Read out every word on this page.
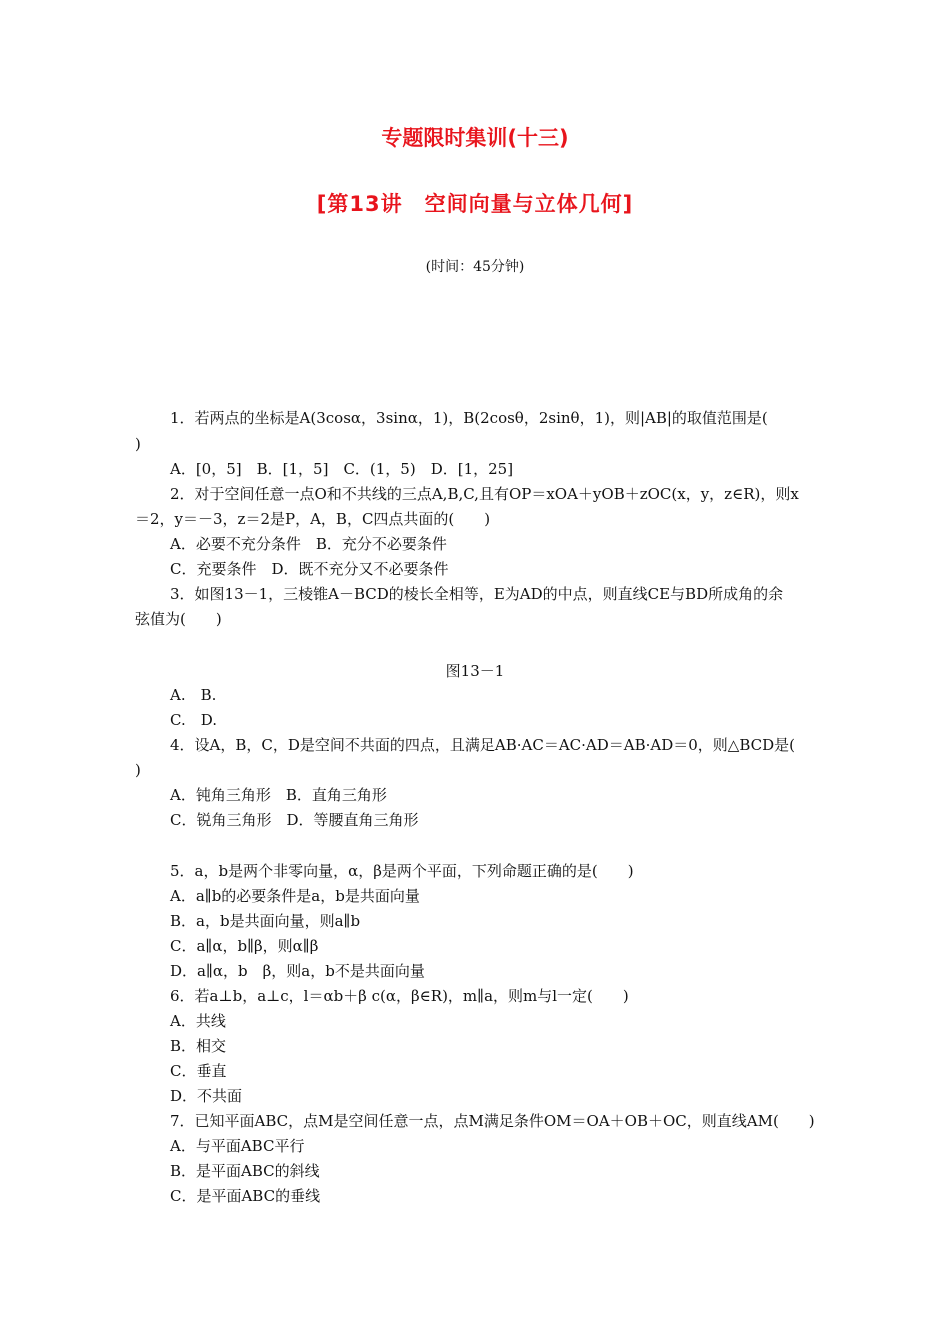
专题限时集训(十三)
[第13讲　空间向量与立体几何]
(时间：45分钟)
1．若两点的坐标是A(3cosα，3sinα，1)，B(2cosθ，2sinθ，1)，则|AB|的取值范围是(
)
A．[0，5]　B．[1，5]　C．(1，5)　D．[1，25]
2．对于空间任意一点O和不共线的三点A,B,C,且有OP＝xOA＋yOB＋zOC(x，y，z∈R)，则x
＝2，y＝－3，z＝2是P，A，B，C四点共面的(　　)
A．必要不充分条件　B．充分不必要条件
C．充要条件　D．既不充分又不必要条件
3．如图13－1，三棱锥A－BCD的棱长全相等，E为AD的中点，则直线CE与BD所成角的余
弦值为(　　)
图13－1
A.　B.
C.　D.
4．设A，B，C，D是空间不共面的四点，且满足AB·AC＝AC·AD＝AB·AD＝0，则△BCD是(
)
A．钝角三角形　B．直角三角形
C．锐角三角形　D．等腰直角三角形
5．a，b是两个非零向量，α，β是两个平面，下列命题正确的是(　　)
A．a∥b的必要条件是a，b是共面向量
B．a，b是共面向量，则a∥b
C．a∥α，b∥β，则α∥β
D．a∥α，b　β，则a，b不是共面向量
6．若a⊥b，a⊥c，l＝αb＋β c(α，β∈R)，m∥a，则m与l一定(　　)
A．共线
B．相交
C．垂直
D．不共面
7．已知平面ABC，点M是空间任意一点，点M满足条件OM＝OA＋OB＋OC，则直线AM(　　)
A．与平面ABC平行
B．是平面ABC的斜线
C．是平面ABC的垂线
